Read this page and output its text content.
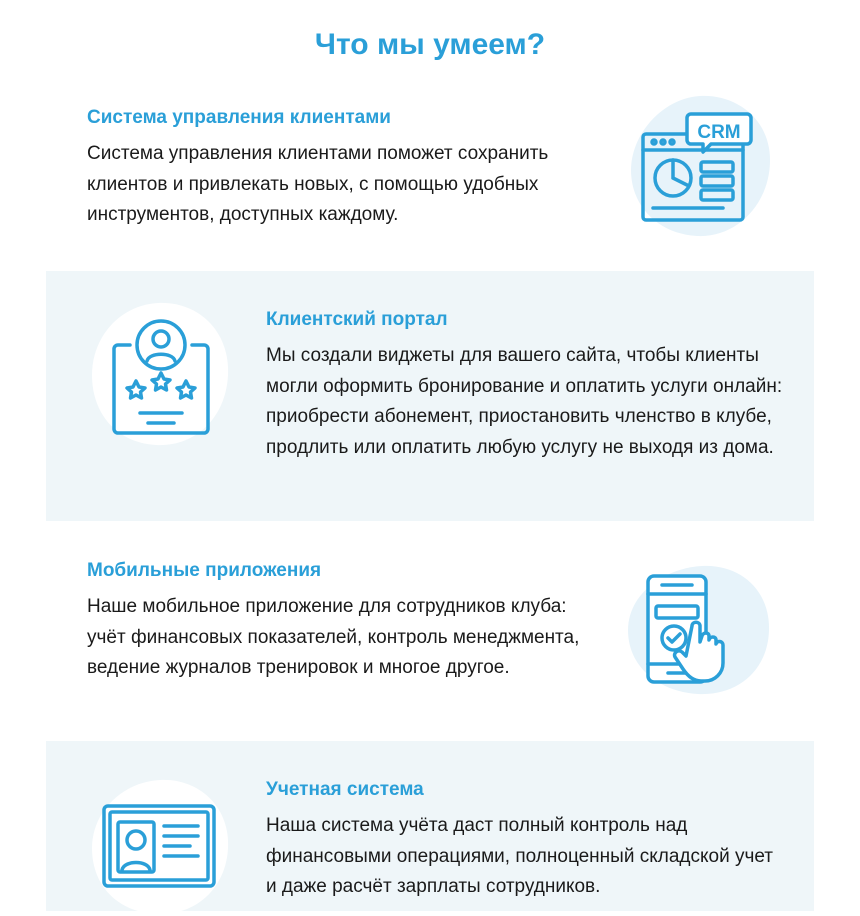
Что мы умеем?
Система управления клиентами

Система управления клиентами поможет сохранить клиентов и привлекать новых, с помощью удобных инструментов, доступных каждому.

CRM
Клиентский портал

Мы создали виджеты для вашего сайта, чтобы клиенты могли оформить бронирование и оплатить услуги онлайн: приобрести абонемент, приостановить членство в клубе, продлить или оплатить любую услугу не выходя из дома.

Мобильные приложения

Наше мобильное приложение для сотрудников клуба: учёт финансовых показателей, контроль менеджмента, ведение журналов тренировок и многое другое.

Учетная система

Наша система учёта даст полный контроль над финансовыми операциями, полноценный складской учет и даже расчёт зарплаты сотрудников.
